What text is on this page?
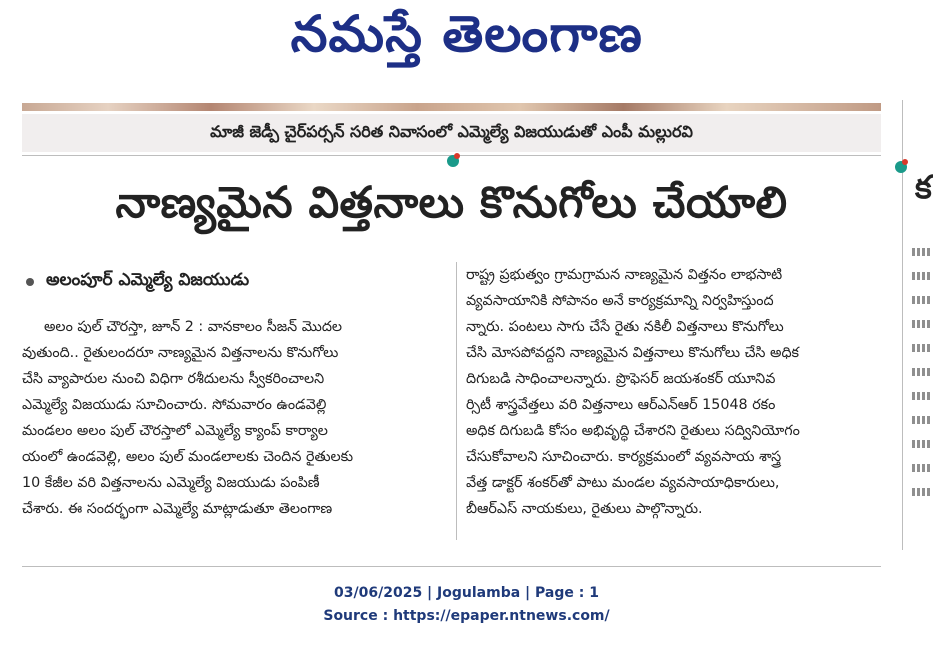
నమస్తే తెలంగాణ
మాజీ జెడ్పీ చైర్‌పర్సన్ సరిత నివాసంలో ఎమ్మెల్యే విజయుడుతో ఎంపీ మల్లురవి
నాణ్యమైన విత్తనాలు కొనుగోలు చేయాలి
అలంపూర్ ఎమ్మెల్యే విజయుడు
అలం పుల్ చౌరస్తా, జూన్ 2 : వానకాలం సీజన్ మొదల
వుతుంది.. రైతులందరూ నాణ్యమైన విత్తనాలను కొనుగోలు
చేసి వ్యాపారుల నుంచి విధిగా రశీదులను స్వీకరించాలని
ఎమ్మెల్యే విజయుడు సూచించారు. సోమవారం ఉండవెల్లి
మండలం అలం పుల్ చౌరస్తాలో ఎమ్మెల్యే క్యాంప్ కార్యాల
యంలో ఉండవెల్లి, అలం పుల్ మండలాలకు చెందిన రైతులకు
10 కేజీల వరి విత్తనాలను ఎమ్మెల్యే విజయుడు పంపిణీ
చేశారు. ఈ సందర్భంగా ఎమ్మెల్యే మాట్లాడుతూ తెలంగాణ
రాష్ట్ర ప్రభుత్వం గ్రామగ్రామన నాణ్యమైన విత్తనం లాభసాటి
వ్యవసాయానికి సోపానం అనే కార్యక్రమాన్ని నిర్వహిస్తుంద
న్నారు. పంటలు సాగు చేసే రైతు నకిలీ విత్తనాలు కొనుగోలు
చేసి మోసపోవద్దని నాణ్యమైన విత్తనాలు కొనుగోలు చేసి అధిక
దిగుబడి సాధించాలన్నారు. ప్రొఫెసర్ జయశంకర్ యూనివ
ర్సిటీ శాస్త్రవేత్తలు వరి విత్తనాలు ఆర్‌ఎన్‌ఆర్ 15048 రకం
అధిక దిగుబడి కోసం అభివృద్ధి చేశారని రైతులు సద్వినియోగం
చేసుకోవాలని సూచించారు. కార్యక్రమంలో వ్యవసాయ శాస్త్ర
వేత్త డాక్టర్ శంకర్‌తో పాటు మండల వ్యవసాయాధికారులు,
బీఆర్‌ఎస్ నాయకులు, రైతులు పాల్గొన్నారు.
క
03/06/2025 | Jogulamba | Page : 1
Source : https://epaper.ntnews.com/
